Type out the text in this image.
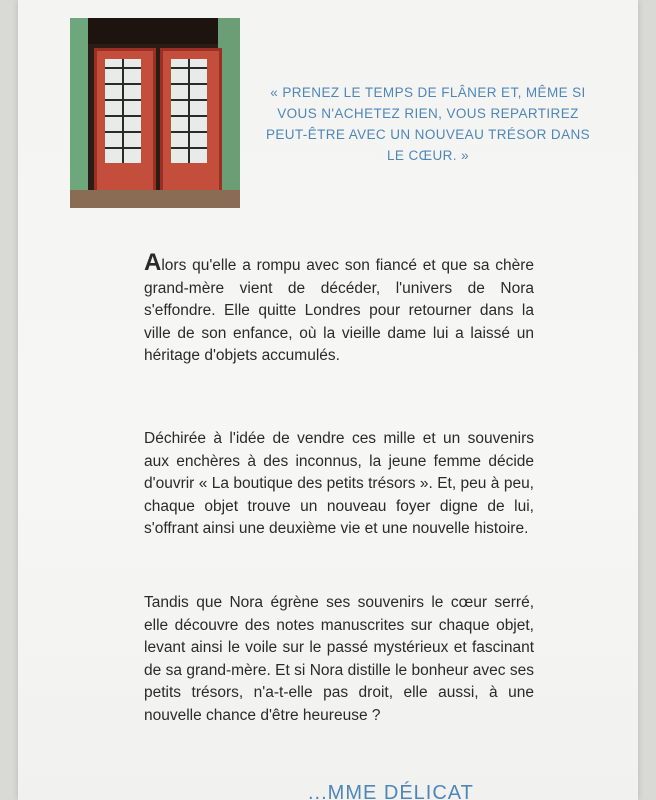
« PRENEZ LE TEMPS DE FLÂNER ET, MÊME SI VOUS N'ACHETEZ RIEN, VOUS REPARTIREZ PEUT-ÊTRE AVEC UN NOUVEAU TRÉSOR DANS LE CŒUR. »
Alors qu'elle a rompu avec son fiancé et que sa chère grand-mère vient de décéder, l'univers de Nora s'effondre. Elle quitte Londres pour retourner dans la ville de son enfance, où la vieille dame lui a laissé un héritage d'objets accumulés.
Déchirée à l'idée de vendre ces mille et un souvenirs aux enchères à des inconnus, la jeune femme décide d'ouvrir « La boutique des petits trésors ». Et, peu à peu, chaque objet trouve un nouveau foyer digne de lui, s'offrant ainsi une deuxième vie et une nouvelle histoire.
Tandis que Nora égrène ses souvenirs le cœur serré, elle découvre des notes manuscrites sur chaque objet, levant ainsi le voile sur le passé mystérieux et fascinant de sa grand-mère. Et si Nora distille le bonheur avec ses petits trésors, n'a-t-elle pas droit, elle aussi, à une nouvelle chance d'être heureuse ?
...MME DÉLICAT
